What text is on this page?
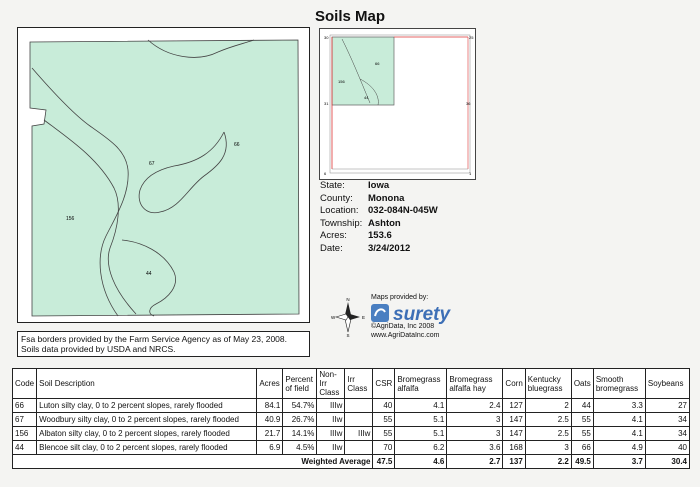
Soils Map
66
67
156
44
30	25
31	36
6	1
66
156
44
State:	Iowa
County:	Monona
Location: 032-084N-045W
Township: Ashton
Acres:	153.6
Date:	3/24/2012
Fsa borders provided by the Farm Service Agency as of May 23, 2008.
Soils data provided by USDA and NRCS.
N
S
W	E
Maps provided by:
surety
©AgriData, Inc 2008
www.AgriDataInc.com
Code	Soil Description	Acres	Percent of field	Non-Irr Class	Irr Class	CSR	Bromegrass alfalfa	Bromegrass alfalfa hay	Corn	Kentucky bluegrass	Oats	Smooth bromegrass	Soybeans
66	Luton silty clay, 0 to 2 percent slopes, rarely flooded	84.1	54.7%	IIIw		40	4.1	2.4	127	2	44	3.3	27
67	Woodbury silty clay, 0 to 2 percent slopes, rarely flooded	40.9	26.7%	IIw		55	5.1	3	147	2.5	55	4.1	34
156	Albaton silty clay, 0 to 2 percent slopes, rarely flooded	21.7	14.1%	IIIw	IIIw	55	5.1	3	147	2.5	55	4.1	34
44	Blencoe silt clay, 0 to 2 percent slopes, rarely flooded	6.9	4.5%	IIw		70	6.2	3.6	168	3	66	4.9	40
Weighted Average						47.5	4.6	2.7	137	2.2	49.5	3.7	30.4
